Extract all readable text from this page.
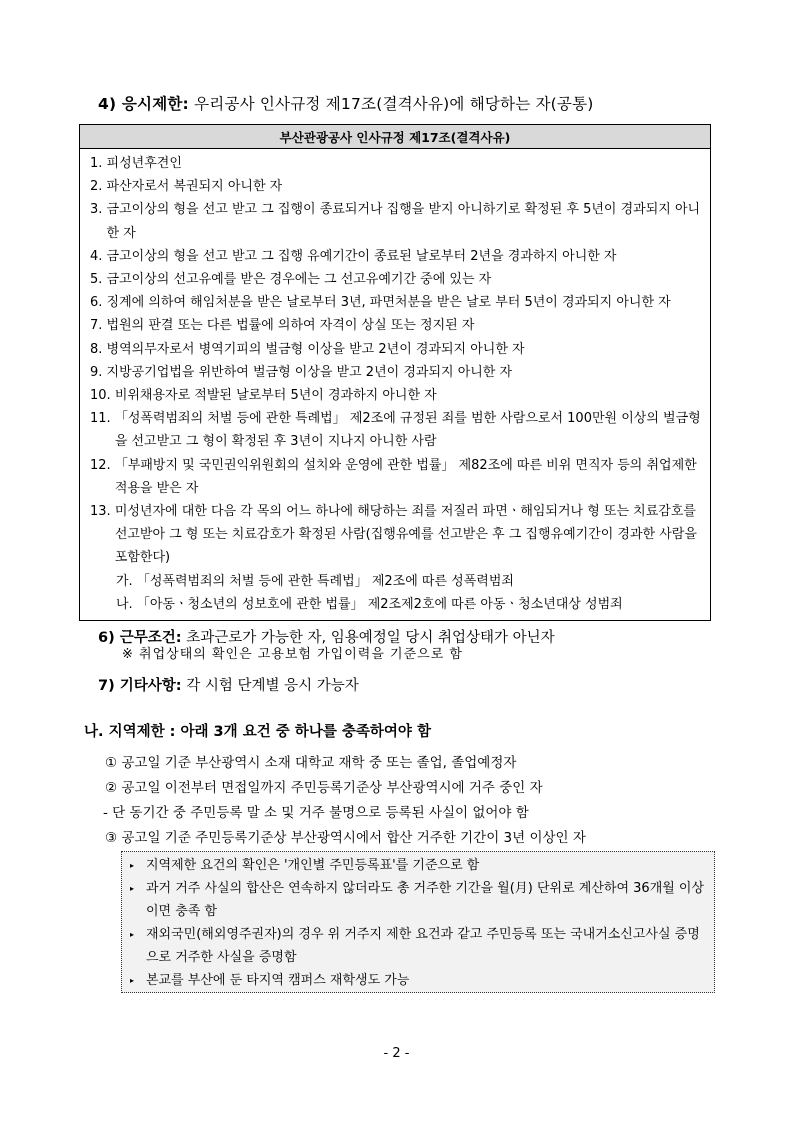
4) 응시제한: 우리공사 인사규정 제17조(결격사유)에 해당하는 자(공통)
부산관광공사 인사규정 제17조(결격사유)

1. 피성년후견인
2. 파산자로서 복권되지 아니한 자
3. 금고이상의 형을 선고 받고 그 집행이 종료되거나 집행을 받지 아니하기로 확정된 후 5년이 경과되지 아니한 자
4. 금고이상의 형을 선고 받고 그 집행 유예기간이 종료된 날로부터 2년을 경과하지 아니한 자
5. 금고이상의 선고유예를 받은 경우에는 그 선고유예기간 중에 있는 자
6. 징계에 의하여 해임처분을 받은 날로부터 3년, 파면처분을 받은 날로 부터 5년이 경과되지 아니한 자
7. 법원의 판결 또는 다른 법률에 의하여 자격이 상실 또는 정지된 자
8. 병역의무자로서 병역기피의 벌금형 이상을 받고 2년이 경과되지 아니한 자
9. 지방공기업법을 위반하여 벌금형 이상을 받고 2년이 경과되지 아니한 자
10. 비위채용자로 적발된 날로부터 5년이 경과하지 아니한 자
11. 「성폭력범죄의 처벌 등에 관한 특례법」 제2조에 규정된 죄를 범한 사람으로서 100만원 이상의 벌금형을 선고받고 그 형이 확정된 후 3년이 지나지 아니한 사람
12. 「부패방지 및 국민권익위원회의 설치와 운영에 관한 법률」 제82조에 따른 비위 면직자 등의 취업제한 적용을 받은 자
13. 미성년자에 대한 다음 각 목의 어느 하나에 해당하는 죄를 저질러 파면ㆍ해임되거나 형 또는 치료감호를 선고받아 그 형 또는 치료감호가 확정된 사람(집행유예를 선고받은 후 그 집행유예기간이 경과한 사람을 포함한다)
가. 「성폭력범죄의 처벌 등에 관한 특례법」 제2조에 따른 성폭력범죄
나. 「아동ㆍ청소년의 성보호에 관한 법률」 제2조제2호에 따른 아동ㆍ청소년대상 성범죄
6) 근무조건: 초과근로가 가능한 자, 임용예정일 당시 취업상태가 아닌자
※ 취업상태의 확인은 고용보험 가입이력을 기준으로 함
7) 기타사항: 각 시험 단계별 응시 가능자
나. 지역제한 : 아래 3개 요건 중 하나를 충족하여야 함
① 공고일 기준 부산광역시 소재 대학교 재학 중 또는 졸업, 졸업예정자
② 공고일 이전부터 면접일까지 주민등록기준상 부산광역시에 거주 중인 자
- 단 동기간 중 주민등록 말 소 및 거주 불명으로 등록된 사실이 없어야 함
③ 공고일 기준 주민등록기준상 부산광역시에서 합산 거주한 기간이 3년 이상인 자
▸ 지역제한 요건의 확인은 '개인별 주민등록표'를 기준으로 함
▸ 과거 거주 사실의 합산은 연속하지 않더라도 총 거주한 기간을 월(月) 단위로 계산하여 36개월 이상이면 충족 함
▸ 재외국민(해외영주권자)의 경우 위 거주지 제한 요건과 같고 주민등록 또는 국내거소신고사실 증명으로 거주한 사실을 증명함
▸ 본교를 부산에 둔 타지역 캠퍼스 재학생도 가능
- 2 -
